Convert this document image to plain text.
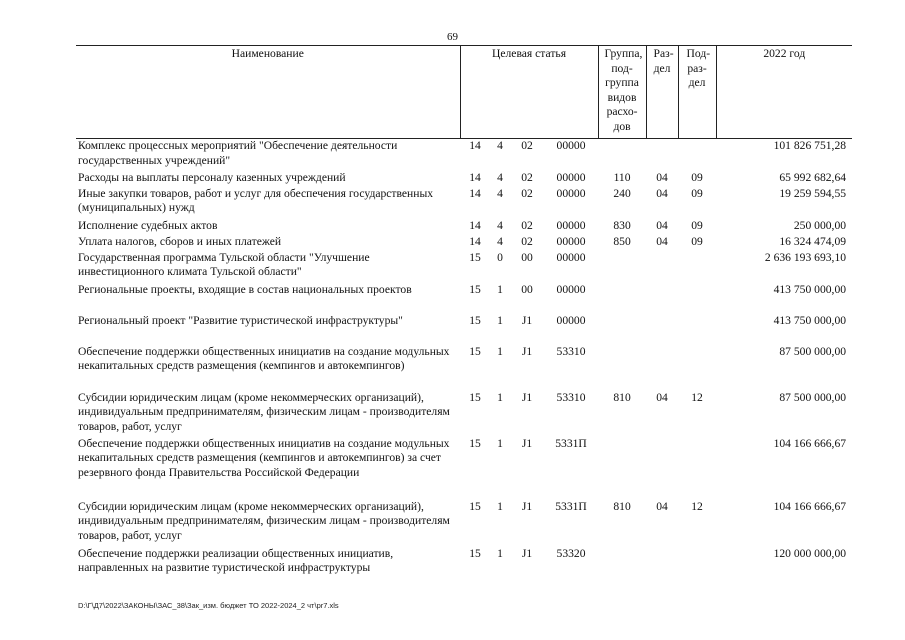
69
Наименование	Целевая статья				Группа, под-группа видов расхо-дов	Раз-дел	Под-раз-дел	2022 год
Комплекс процессных мероприятий "Обеспечение деятельности государственных учреждений"	14	4	02	00000				101 826 751,28
Расходы на выплаты персоналу казенных учреждений	14	4	02	00000	110	04	09	65 992 682,64
Иные закупки товаров, работ и услуг для обеспечения государственных (муниципальных) нужд	14	4	02	00000	240	04	09	19 259 594,55
Исполнение судебных актов	14	4	02	00000	830	04	09	250 000,00
Уплата налогов, сборов и иных платежей	14	4	02	00000	850	04	09	16 324 474,09
Государственная программа Тульской области "Улучшение инвестиционного климата Тульской области"	15	0	00	00000				2 636 193 693,10
Региональные проекты, входящие в состав национальных проектов	15	1	00	00000				413 750 000,00
Региональный проект "Развитие туристической инфраструктуры"	15	1	J1	00000				413 750 000,00
Обеспечение поддержки общественных инициатив на создание модульных некапитальных средств размещения (кемпингов и автокемпингов)	15	1	J1	53310				87 500 000,00
Субсидии юридическим лицам (кроме некоммерческих организаций), индивидуальным предпринимателям, физическим лицам - производителям товаров, работ, услуг	15	1	J1	53310	810	04	12	87 500 000,00
Обеспечение поддержки общественных инициатив на создание модульных некапитальных средств размещения (кемпингов и автокемпингов) за счет резервного фонда Правительства Российской Федерации	15	1	J1	5331П				104 166 666,67
Субсидии юридическим лицам (кроме некоммерческих организаций), индивидуальным предпринимателям, физическим лицам - производителям товаров, работ, услуг	15	1	J1	5331П	810	04	12	104 166 666,67
Обеспечение поддержки реализации общественных инициатив, направленных на развитие туристической инфраструктуры	15	1	J1	53320				120 000 000,00
D:\Г\Д7\2022\ЗАКОНЫ\ЗАС_38\Зак_изм. бюджет ТО 2022-2024_2 чт\pr7.xls
